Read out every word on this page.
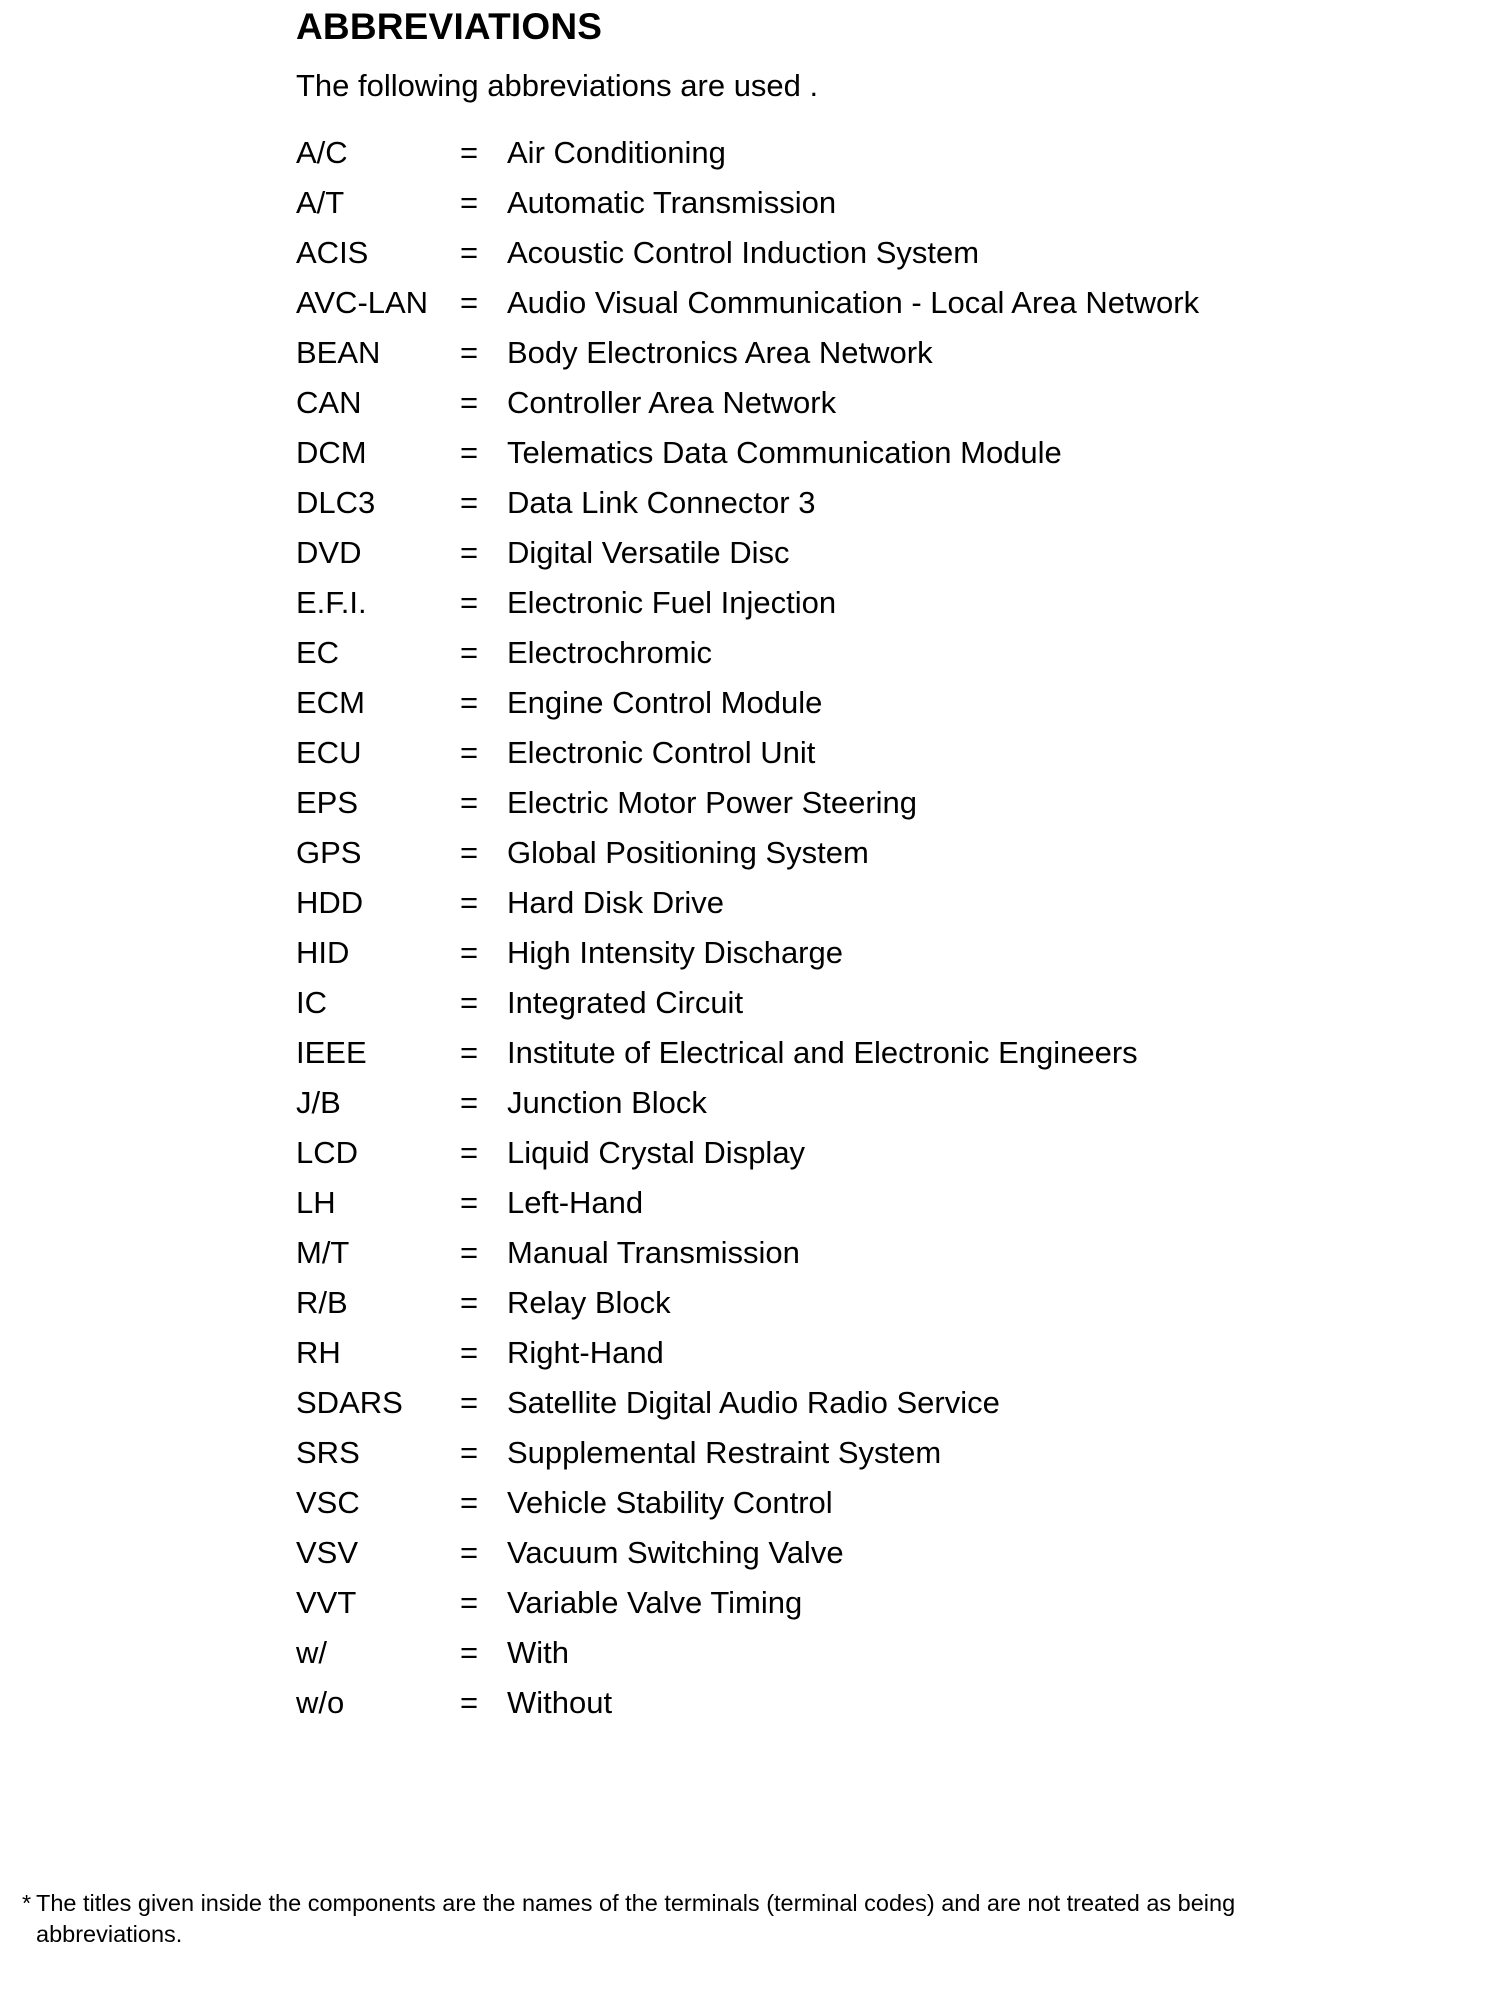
ABBREVIATIONS
The following abbreviations are used .
A/C	= Air Conditioning
A/T	= Automatic Transmission
ACIS	= Acoustic Control Induction System
AVC-LAN	= Audio Visual Communication - Local Area Network
BEAN	= Body Electronics Area Network
CAN	= Controller Area Network
DCM	= Telematics Data Communication Module
DLC3	= Data Link Connector 3
DVD	= Digital Versatile Disc
E.F.I.	= Electronic Fuel Injection
EC	= Electrochromic
ECM	= Engine Control Module
ECU	= Electronic Control Unit
EPS	= Electric Motor Power Steering
GPS	= Global Positioning System
HDD	= Hard Disk Drive
HID	= High Intensity Discharge
IC	= Integrated Circuit
IEEE	= Institute of Electrical and Electronic Engineers
J/B	= Junction Block
LCD	= Liquid Crystal Display
LH	= Left-Hand
M/T	= Manual Transmission
R/B	= Relay Block
RH	= Right-Hand
SDARS	= Satellite Digital Audio Radio Service
SRS	= Supplemental Restraint System
VSC	= Vehicle Stability Control
VSV	= Vacuum Switching Valve
VVT	= Variable Valve Timing
w/	= With
w/o	= Without
* The titles given inside the components are the names of the terminals (terminal codes) and are not treated as being
abbreviations.
